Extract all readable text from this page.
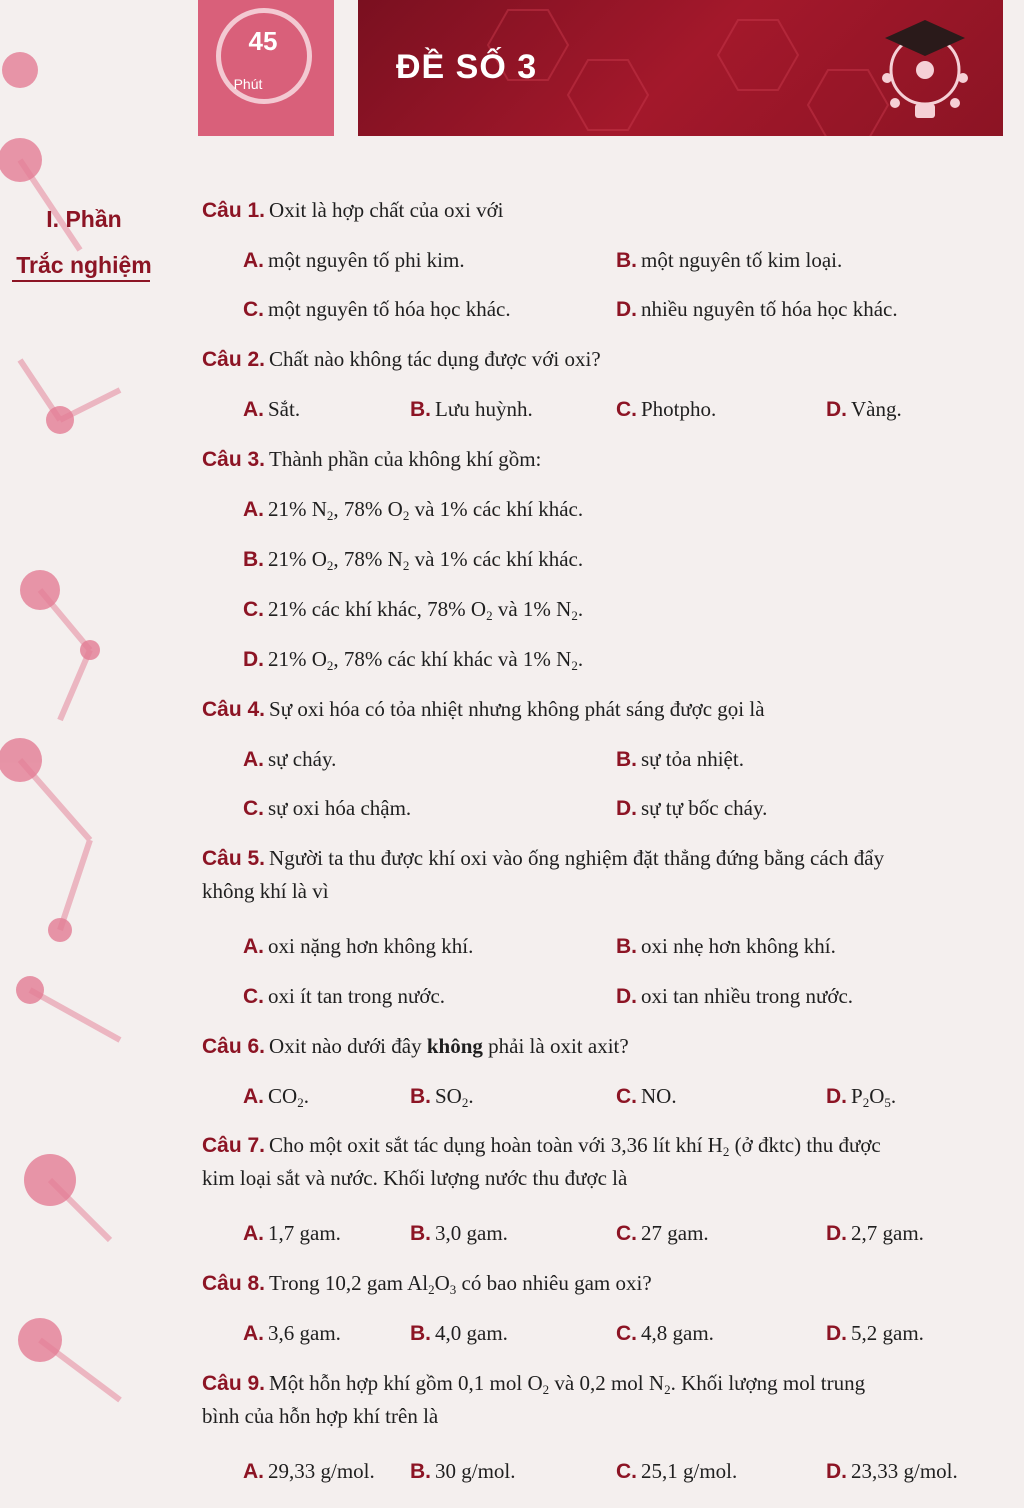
45
Phút	ĐỀ SỐ 3
I. Phần
Trắc nghiệm
Câu 1. Oxit là hợp chất của oxi với
A. một nguyên tố phi kim.	B. một nguyên tố kim loại.
C. một nguyên tố hóa học khác.	D. nhiều nguyên tố hóa học khác.
Câu 2. Chất nào không tác dụng được với oxi?
A. Sắt.	B. Lưu huỳnh.	C. Photpho.	D. Vàng.
Câu 3. Thành phần của không khí gồm:
A. 21% $N_2$, 78% $O_2$ và 1% các khí khác.
B. 21% $O_2$, 78% $N_2$ và 1% các khí khác.
C. 21% các khí khác, 78% $O_2$ và 1% $N_2$.
D. 21% $O_2$, 78% các khí khác và 1% $N_2$.
Câu 4. Sự oxi hóa có tỏa nhiệt nhưng không phát sáng được gọi là
A. sự cháy.	B. sự tỏa nhiệt.
C. sự oxi hóa chậm.	D. sự tự bốc cháy.
Câu 5. Người ta thu được khí oxi vào ống nghiệm đặt thẳng đứng bằng cách đẩy
không khí là vì
A. oxi nặng hơn không khí.	B. oxi nhẹ hơn không khí.
C. oxi ít tan trong nước.	D. oxi tan nhiều trong nước.
Câu 6. Oxit nào dưới đây không phải là oxit axit?
A. $CO_2$.	B. $SO_2$.	C. NO.	D. $P_2O_5$.
Câu 7. Cho một oxit sắt tác dụng hoàn toàn với 3,36 lít khí $H_2$ (ở đktc) thu được
kim loại sắt và nước. Khối lượng nước thu được là
A. 1,7 gam.	B. 3,0 gam.	C. 27 gam.	D. 2,7 gam.
Câu 8. Trong 10,2 gam $Al_2O_3$ có bao nhiêu gam oxi?
A. 3,6 gam.	B. 4,0 gam.	C. 4,8 gam.	D. 5,2 gam.
Câu 9. Một hỗn hợp khí gồm 0,1 mol $O_2$ và 0,2 mol $N_2$. Khối lượng mol trung
bình của hỗn hợp khí trên là
A. 29,33 g/mol. B. 30 g/mol.	C. 25,1 g/mol.	D. 23,33 g/mol.
